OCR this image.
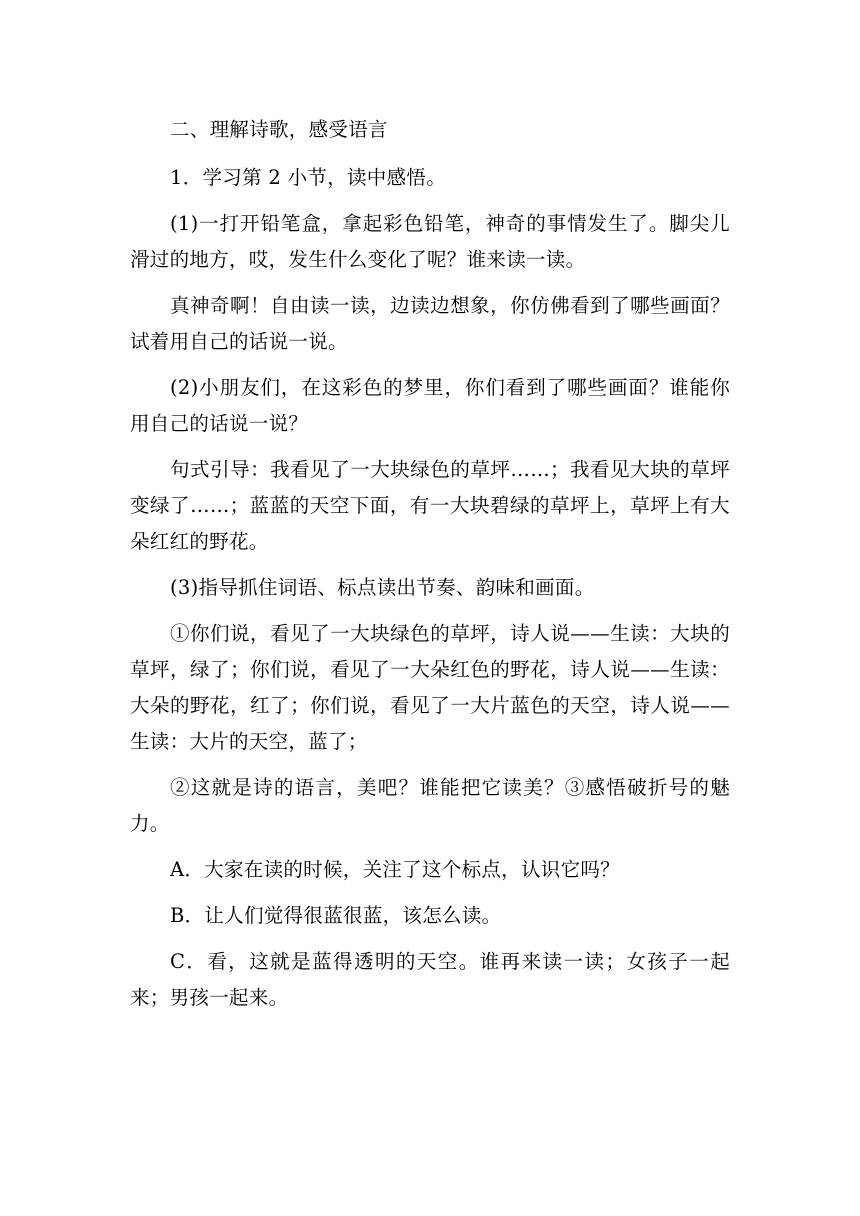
二、理解诗歌，感受语言

1．学习第 2 小节，读中感悟。

(1)一打开铅笔盒，拿起彩色铅笔，神奇的事情发生了。脚尖儿滑过的地方，哎，发生什么变化了呢？谁来读一读。

真神奇啊！自由读一读，边读边想象，你仿佛看到了哪些画面？试着用自己的话说一说。

(2)小朋友们，在这彩色的梦里，你们看到了哪些画面？谁能你用自己的话说一说？

句式引导：我看见了一大块绿色的草坪……；我看见大块的草坪变绿了……；蓝蓝的天空下面，有一大块碧绿的草坪上，草坪上有大朵红红的野花。

(3)指导抓住词语、标点读出节奏、韵味和画面。

①你们说，看见了一大块绿色的草坪，诗人说——生读：大块的草坪，绿了；你们说，看见了一大朵红色的野花，诗人说——生读：大朵的野花，红了；你们说，看见了一大片蓝色的天空，诗人说——生读：大片的天空，蓝了；

②这就是诗的语言，美吧？谁能把它读美？③感悟破折号的魅力。

A．大家在读的时候，关注了这个标点，认识它吗？

B．让人们觉得很蓝很蓝，该怎么读。

C．看，这就是蓝得透明的天空。谁再来读一读；女孩子一起来；男孩一起来。
